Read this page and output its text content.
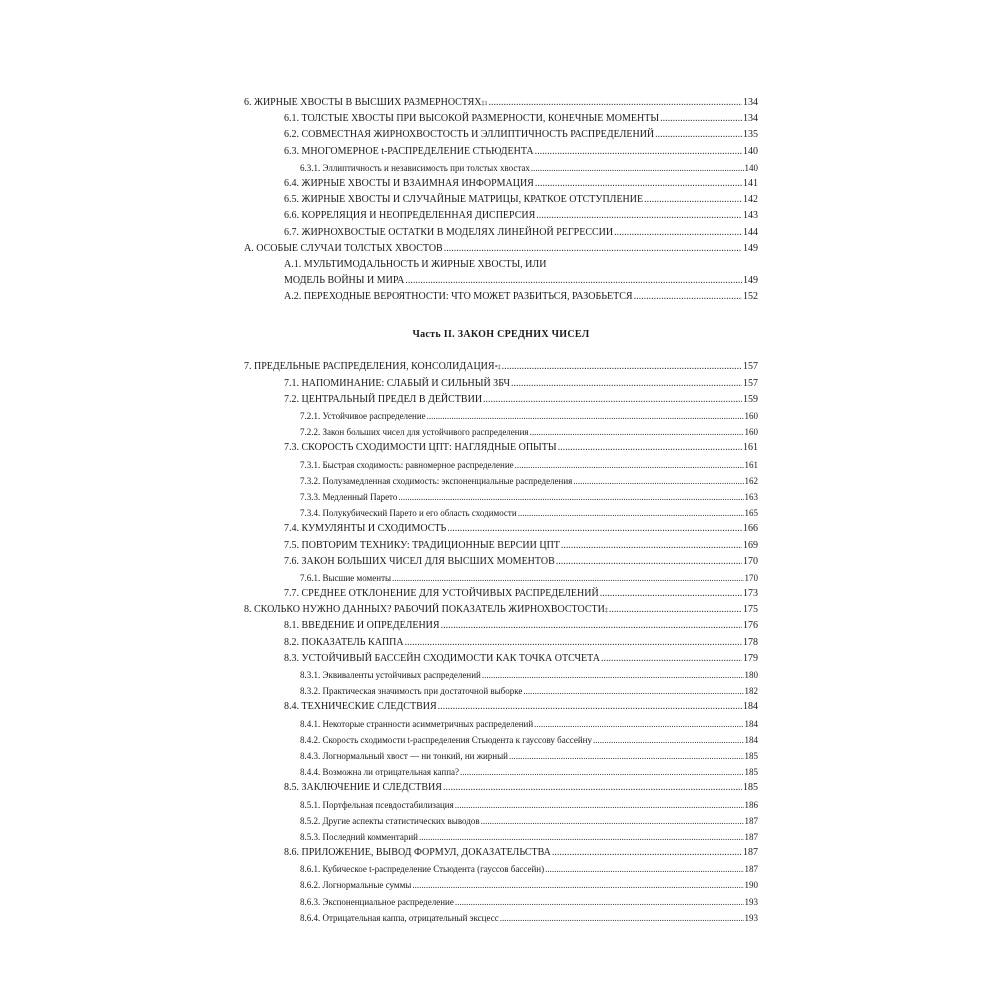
6. ЖИРНЫЕ ХВОСТЫ В ВЫСШИХ РАЗМЕРНОСТЯХ ‡1 .....	134
6.1. ТОЛСТЫЕ ХВОСТЫ ПРИ ВЫСОКОЙ РАЗМЕРНОСТИ, КОНЕЧНЫЕ МОМЕНТЫ .....	134
6.2. СОВМЕСТНАЯ ЖИРНОХВОСТОСТЬ И ЭЛЛИПТИЧНОСТЬ РАСПРЕДЕЛЕНИЙ .....	135
6.3. МНОГОМЕРНОЕ t-РАСПРЕДЕЛЕНИЕ СТЬЮДЕНТА .....	140
6.3.1. Эллиптичность и независимость при толстых хвостах .....	140
6.4. ЖИРНЫЕ ХВОСТЫ И ВЗАИМНАЯ ИНФОРМАЦИЯ .....	141
6.5. ЖИРНЫЕ ХВОСТЫ И СЛУЧАЙНЫЕ МАТРИЦЫ, КРАТКОЕ ОТСТУПЛЕНИЕ .....	142
6.6. КОРРЕЛЯЦИЯ И НЕОПРЕДЕЛЕННАЯ ДИСПЕРСИЯ .....	143
6.7. ЖИРНОХВОСТЫЕ ОСТАТКИ В МОДЕЛЯХ ЛИНЕЙНОЙ РЕГРЕССИИ .....	144
А. ОСОБЫЕ СЛУЧАИ ТОЛСТЫХ ХВОСТОВ .....	149
А.1. МУЛЬТИМОДАЛЬНОСТЬ И ЖИРНЫЕ ХВОСТЫ, ИЛИ
МОДЕЛЬ ВОЙНЫ И МИРА .....	149
А.2. ПЕРЕХОДНЫЕ ВЕРОЯТНОСТИ: ЧТО МОЖЕТ РАЗБИТЬСЯ, РАЗОБЬЕТСЯ .....	152
Часть II. ЗАКОН СРЕДНИХ ЧИСЕЛ
7. ПРЕДЕЛЬНЫЕ РАСПРЕДЕЛЕНИЯ, КОНСОЛИДАЦИЯ *‡ .....	157
7.1. НАПОМИНАНИЕ: СЛАБЫЙ И СИЛЬНЫЙ ЗБЧ .....	157
7.2. ЦЕНТРАЛЬНЫЙ ПРЕДЕЛ В ДЕЙСТВИИ .....	159
7.2.1. Устойчивое распределение .....	160
7.2.2. Закон больших чисел для устойчивого распределения .....	160
7.3. СКОРОСТЬ СХОДИМОСТИ ЦПТ: НАГЛЯДНЫЕ ОПЫТЫ .....	161
7.3.1. Быстрая сходимость: равномерное распределение .....	161
7.3.2. Полузамедленная сходимость: экспоненциальные распределения .....	162
7.3.3. Медленный Парето .....	163
7.3.4. Полукубический Парето и его область сходимости .....	165
7.4. КУМУЛЯНТЫ И СХОДИМОСТЬ .....	166
7.5. ПОВТОРИМ ТЕХНИКУ: ТРАДИЦИОННЫЕ ВЕРСИИ ЦПТ .....	169
7.6. ЗАКОН БОЛЬШИХ ЧИСЕЛ ДЛЯ ВЫСШИХ МОМЕНТОВ .....	170
7.6.1. Высшие моменты .....	170
7.7. СРЕДНЕЕ ОТКЛОНЕНИЕ ДЛЯ УСТОЙЧИВЫХ РАСПРЕДЕЛЕНИЙ .....	173
8. СКОЛЬКО НУЖНО ДАННЫХ? РАБОЧИЙ ПОКАЗАТЕЛЬ ЖИРНОХВОСТОСТИ ‡ .....	175
8.1. ВВЕДЕНИЕ И ОПРЕДЕЛЕНИЯ .....	176
8.2. ПОКАЗАТЕЛЬ КАППА .....	178
8.3. УСТОЙЧИВЫЙ БАССЕЙН СХОДИМОСТИ КАК ТОЧКА ОТСЧЕТА .....	179
8.3.1. Эквиваленты устойчивых распределений .....	180
8.3.2. Практическая значимость при достаточной выборке .....	182
8.4. ТЕХНИЧЕСКИЕ СЛЕДСТВИЯ .....	184
8.4.1. Некоторые странности асимметричных распределений .....	184
8.4.2. Скорость сходимости t-распределения Стьюдента к гауссову бассейну .....	184
8.4.3. Логнормальный хвост — ни тонкий, ни жирный .....	185
8.4.4. Возможна ли отрицательная каппа? .....	185
8.5. ЗАКЛЮЧЕНИЕ И СЛЕДСТВИЯ .....	185
8.5.1. Портфельная псевдостабилизация .....	186
8.5.2. Другие аспекты статистических выводов .....	187
8.5.3. Последний комментарий .....	187
8.6. ПРИЛОЖЕНИЕ, ВЫВОД ФОРМУЛ, ДОКАЗАТЕЛЬСТВА .....	187
8.6.1. Кубическое t-распределение Стьюдента (гауссов бассейн) .....	187
8.6.2. Логнормальные суммы .....	190
8.6.3. Экспоненциальное распределение .....	193
8.6.4. Отрицательная каппа, отрицательный эксцесс .....	193
